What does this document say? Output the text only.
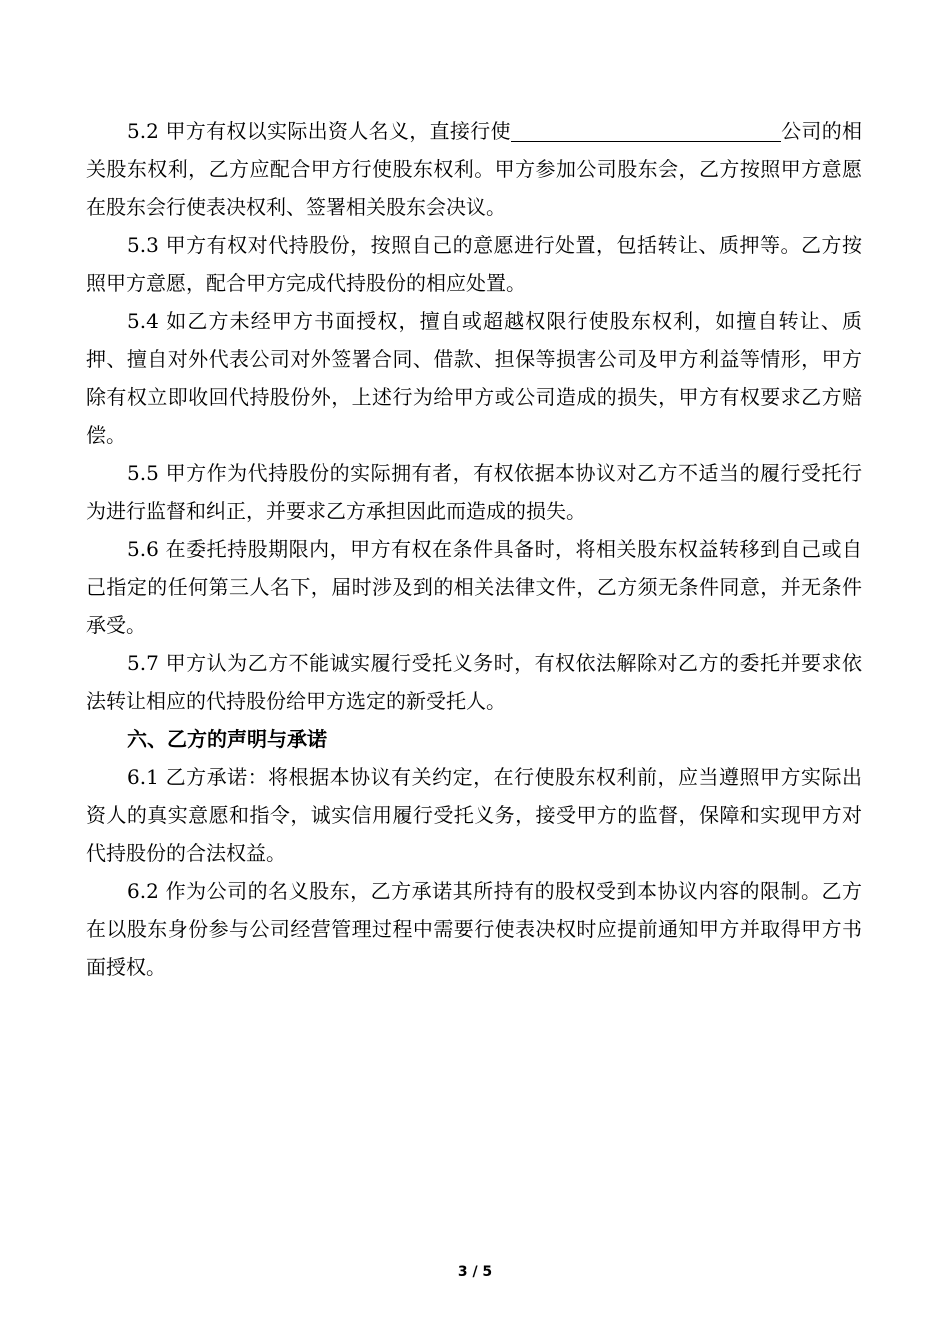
5.2 甲方有权以实际出资人名义，直接行使	公司的相关股东权利，乙方应配合甲方行使股东权利。甲方参加公司股东会，乙方按照甲方意愿在股东会行使表决权利、签署相关股东会决议。

5.3 甲方有权对代持股份，按照自己的意愿进行处置，包括转让、质押等。乙方按照甲方意愿，配合甲方完成代持股份的相应处置。

5.4 如乙方未经甲方书面授权，擅自或超越权限行使股东权利，如擅自转让、质押、擅自对外代表公司对外签署合同、借款、担保等损害公司及甲方利益等情形，甲方除有权立即收回代持股份外，上述行为给甲方或公司造成的损失，甲方有权要求乙方赔偿。

5.5 甲方作为代持股份的实际拥有者，有权依据本协议对乙方不适当的履行受托行为进行监督和纠正，并要求乙方承担因此而造成的损失。

5.6 在委托持股期限内，甲方有权在条件具备时，将相关股东权益转移到自己或自己指定的任何第三人名下，届时涉及到的相关法律文件，乙方须无条件同意，并无条件承受。

5.7 甲方认为乙方不能诚实履行受托义务时，有权依法解除对乙方的委托并要求依法转让相应的代持股份给甲方选定的新受托人。

六、乙方的声明与承诺

6.1 乙方承诺：将根据本协议有关约定，在行使股东权利前，应当遵照甲方实际出资人的真实意愿和指令，诚实信用履行受托义务，接受甲方的监督，保障和实现甲方对代持股份的合法权益。

6.2 作为公司的名义股东，乙方承诺其所持有的股权受到本协议内容的限制。乙方在以股东身份参与公司经营管理过程中需要行使表决权时应提前通知甲方并取得甲方书面授权。

3 / 5
